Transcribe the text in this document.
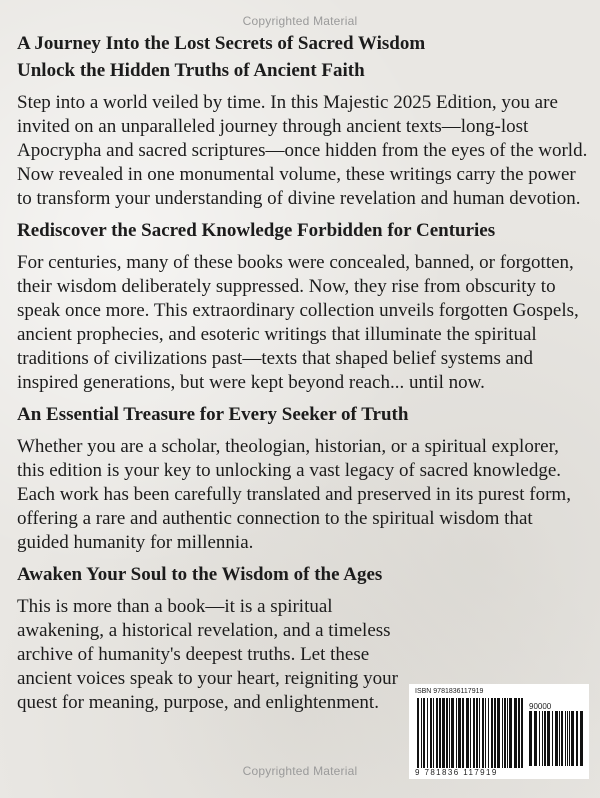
Copyrighted Material
A Journey Into the Lost Secrets of Sacred Wisdom
Unlock the Hidden Truths of Ancient Faith

Step into a world veiled by time. In this Majestic 2025 Edition, you are invited on an unparalleled journey through ancient texts—long-lost Apocrypha and sacred scriptures—once hidden from the eyes of the world. Now revealed in one monumental volume, these writings carry the power to transform your understanding of divine revelation and human devotion.

Rediscover the Sacred Knowledge Forbidden for Centuries

For centuries, many of these books were concealed, banned, or forgotten, their wisdom deliberately suppressed. Now, they rise from obscurity to speak once more. This extraordinary collection unveils forgotten Gospels, ancient prophecies, and esoteric writings that illuminate the spiritual traditions of civilizations past—texts that shaped belief systems and inspired generations, but were kept beyond reach... until now.

An Essential Treasure for Every Seeker of Truth

Whether you are a scholar, theologian, historian, or a spiritual explorer, this edition is your key to unlocking a vast legacy of sacred knowledge. Each work has been carefully translated and preserved in its purest form, offering a rare and authentic connection to the spiritual wisdom that guided humanity for millennia.

Awaken Your Soul to the Wisdom of the Ages

This is more than a book—it is a spiritual awakening, a historical revelation, and a timeless archive of humanity's deepest truths. Let these ancient voices speak to your heart, reigniting your quest for meaning, purpose, and enlightenment.

ISBN 9781836117919
90000
9 781836 117919
Copyrighted Material
